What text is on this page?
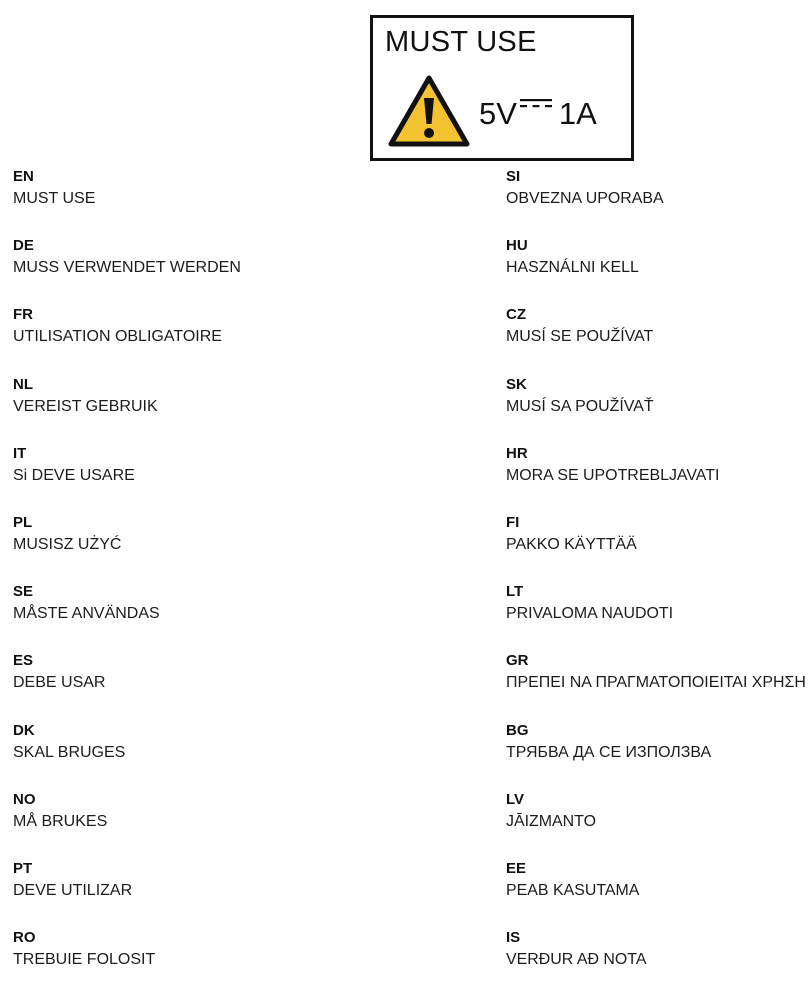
MUST USE
5V 1A
EN
MUST USE
DE
MUSS VERWENDET WERDEN
FR
UTILISATION OBLIGATOIRE
NL
VEREIST GEBRUIK
IT
Si DEVE USARE
PL
MUSISZ UŻYĆ
SE
MÅSTE ANVÄNDAS
ES
DEBE USAR
DK
SKAL BRUGES
NO
MÅ BRUKES
PT
DEVE UTILIZAR
RO
TREBUIE FOLOSIT
SI
OBVEZNA UPORABA
HU
HASZNÁLNI KELL
CZ
MUSÍ SE POUŽÍVAT
SK
MUSÍ SA POUŽÍVAŤ
HR
MORA SE UPOTREBLJAVATI
FI
PAKKO KÄYTTÄÄ
LT
PRIVALOMA NAUDOTI
GR
ΠΡΕΠΕΙ ΝΑ ΠΡΑΓΜΑΤΟΠΟΙΕΙΤΑΙ ΧΡΗΣΗ
BG
ТРЯБВА ДА СЕ ИЗПОЛЗВА
LV
JĀIZMANTO
EE
PEAB KASUTAMA
IS
VERÐUR AÐ NOTA
